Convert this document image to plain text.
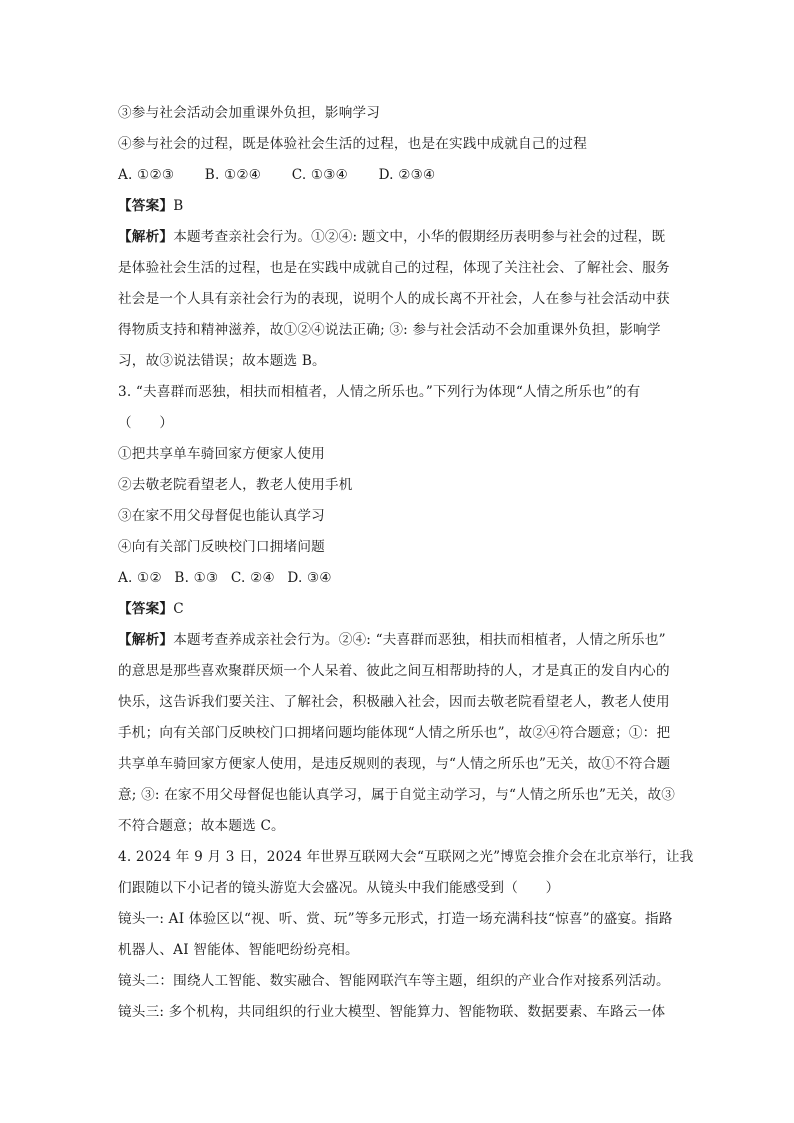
③参与社会活动会加重课外负担，影响学习
④参与社会的过程，既是体验社会生活的过程，也是在实践中成就自己的过程
A. ①②③ B. ①②④ C. ①③④ D. ②③④
【答案】B
【解析】本题考查亲社会行为。①②④: 题文中，小华的假期经历表明参与社会的过程，既
是体验社会生活的过程，也是在实践中成就自己的过程，体现了关注社会、了解社会、服务
社会是一个人具有亲社会行为的表现，说明个人的成长离不开社会，人在参与社会活动中获
得物质支持和精神滋养，故①②④说法正确; ③: 参与社会活动不会加重课外负担，影响学
习，故③说法错误；故本题选 B。
3. “夫喜群而恶独，相扶而相植者，人情之所乐也。”下列行为体现“人情之所乐也”的有
（　　）
①把共享单车骑回家方便家人使用
②去敬老院看望老人，教老人使用手机
③在家不用父母督促也能认真学习
④向有关部门反映校门口拥堵问题
A. ①② B. ①③ C. ②④ D. ③④
【答案】C
【解析】本题考查养成亲社会行为。②④: “夫喜群而恶独，相扶而相植者，人情之所乐也”
的意思是那些喜欢聚群厌烦一个人呆着、彼此之间互相帮助持的人，才是真正的发自内心的
快乐，这告诉我们要关注、了解社会，积极融入社会，因而去敬老院看望老人，教老人使用
手机；向有关部门反映校门口拥堵问题均能体现“人情之所乐也”，故②④符合题意；①：把
共享单车骑回家方便家人使用，是违反规则的表现，与“人情之所乐也”无关，故①不符合题
意; ③: 在家不用父母督促也能认真学习，属于自觉主动学习，与“人情之所乐也”无关，故③
不符合题意；故本题选 C。
4. 2024 年 9 月 3 日，2024 年世界互联网大会“互联网之光”博览会推介会在北京举行，让我
们跟随以下小记者的镜头游览大会盛况。从镜头中我们能感受到（　　）
镜头一: AI 体验区以“视、听、赏、玩”等多元形式，打造一场充满科技“惊喜”的盛宴。指路
机器人、AI 智能体、智能吧纷纷亮相。
镜头二：围绕人工智能、数实融合、智能网联汽车等主题，组织的产业合作对接系列活动。
镜头三: 多个机构，共同组织的行业大模型、智能算力、智能物联、数据要素、车路云一体
